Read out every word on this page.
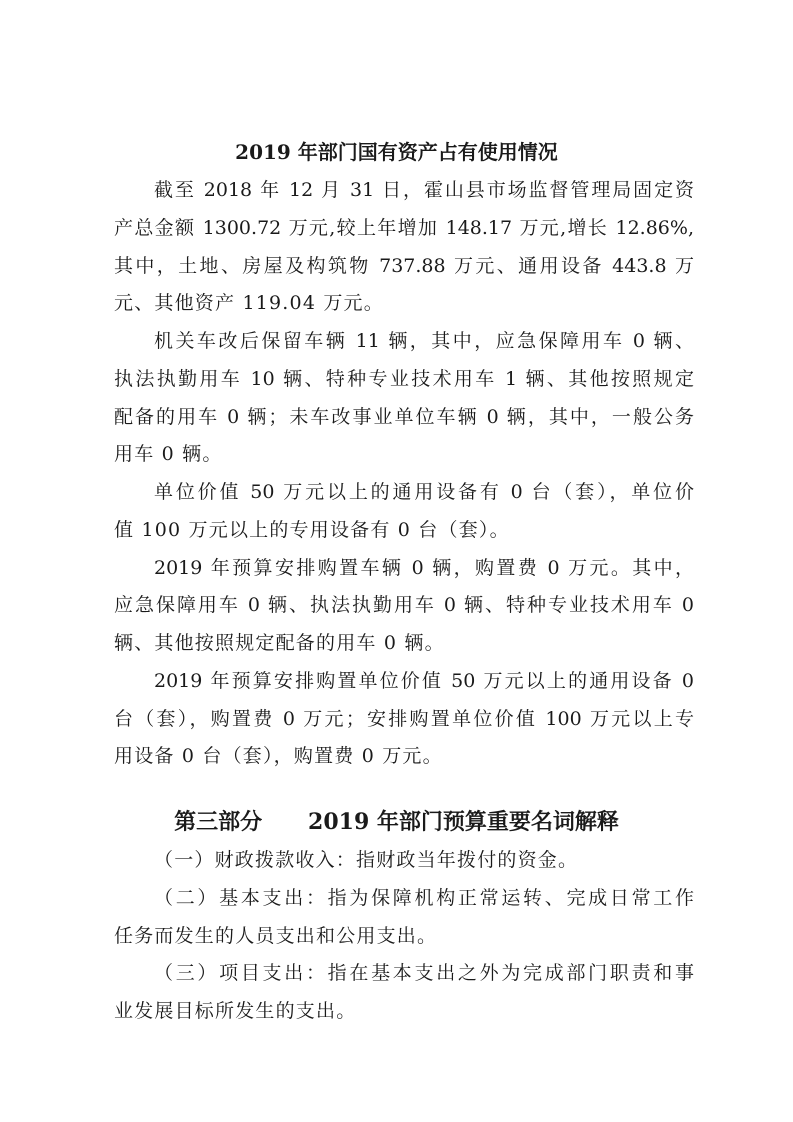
2019 年部门国有资产占有使用情况
截至 2018 年 12 月 31 日，霍山县市场监督管理局固定资
产总金额 1300.72 万元,较上年增加 148.17 万元,增长 12.86%,
其中，土地、房屋及构筑物 737.88 万元、通用设备 443.8 万
元、其他资产 119.04 万元。
机关车改后保留车辆 11 辆，其中，应急保障用车 0 辆、
执法执勤用车 10 辆、特种专业技术用车 1 辆、其他按照规定
配备的用车 0 辆；未车改事业单位车辆 0 辆，其中，一般公务
用车 0 辆。
单位价值 50 万元以上的通用设备有 0 台（套），单位价
值 100 万元以上的专用设备有 0 台（套）。
2019 年预算安排购置车辆 0 辆，购置费 0 万元。其中，
应急保障用车 0 辆、执法执勤用车 0 辆、特种专业技术用车 0
辆、其他按照规定配备的用车 0 辆。
2019 年预算安排购置单位价值 50 万元以上的通用设备 0
台（套），购置费 0 万元；安排购置单位价值 100 万元以上专
用设备 0 台（套），购置费 0 万元。
第三部分      2019 年部门预算重要名词解释
（一）财政拨款收入：指财政当年拨付的资金。
（二）基本支出：指为保障机构正常运转、完成日常工作
任务而发生的人员支出和公用支出。
（三）项目支出：指在基本支出之外为完成部门职责和事
业发展目标所发生的支出。
